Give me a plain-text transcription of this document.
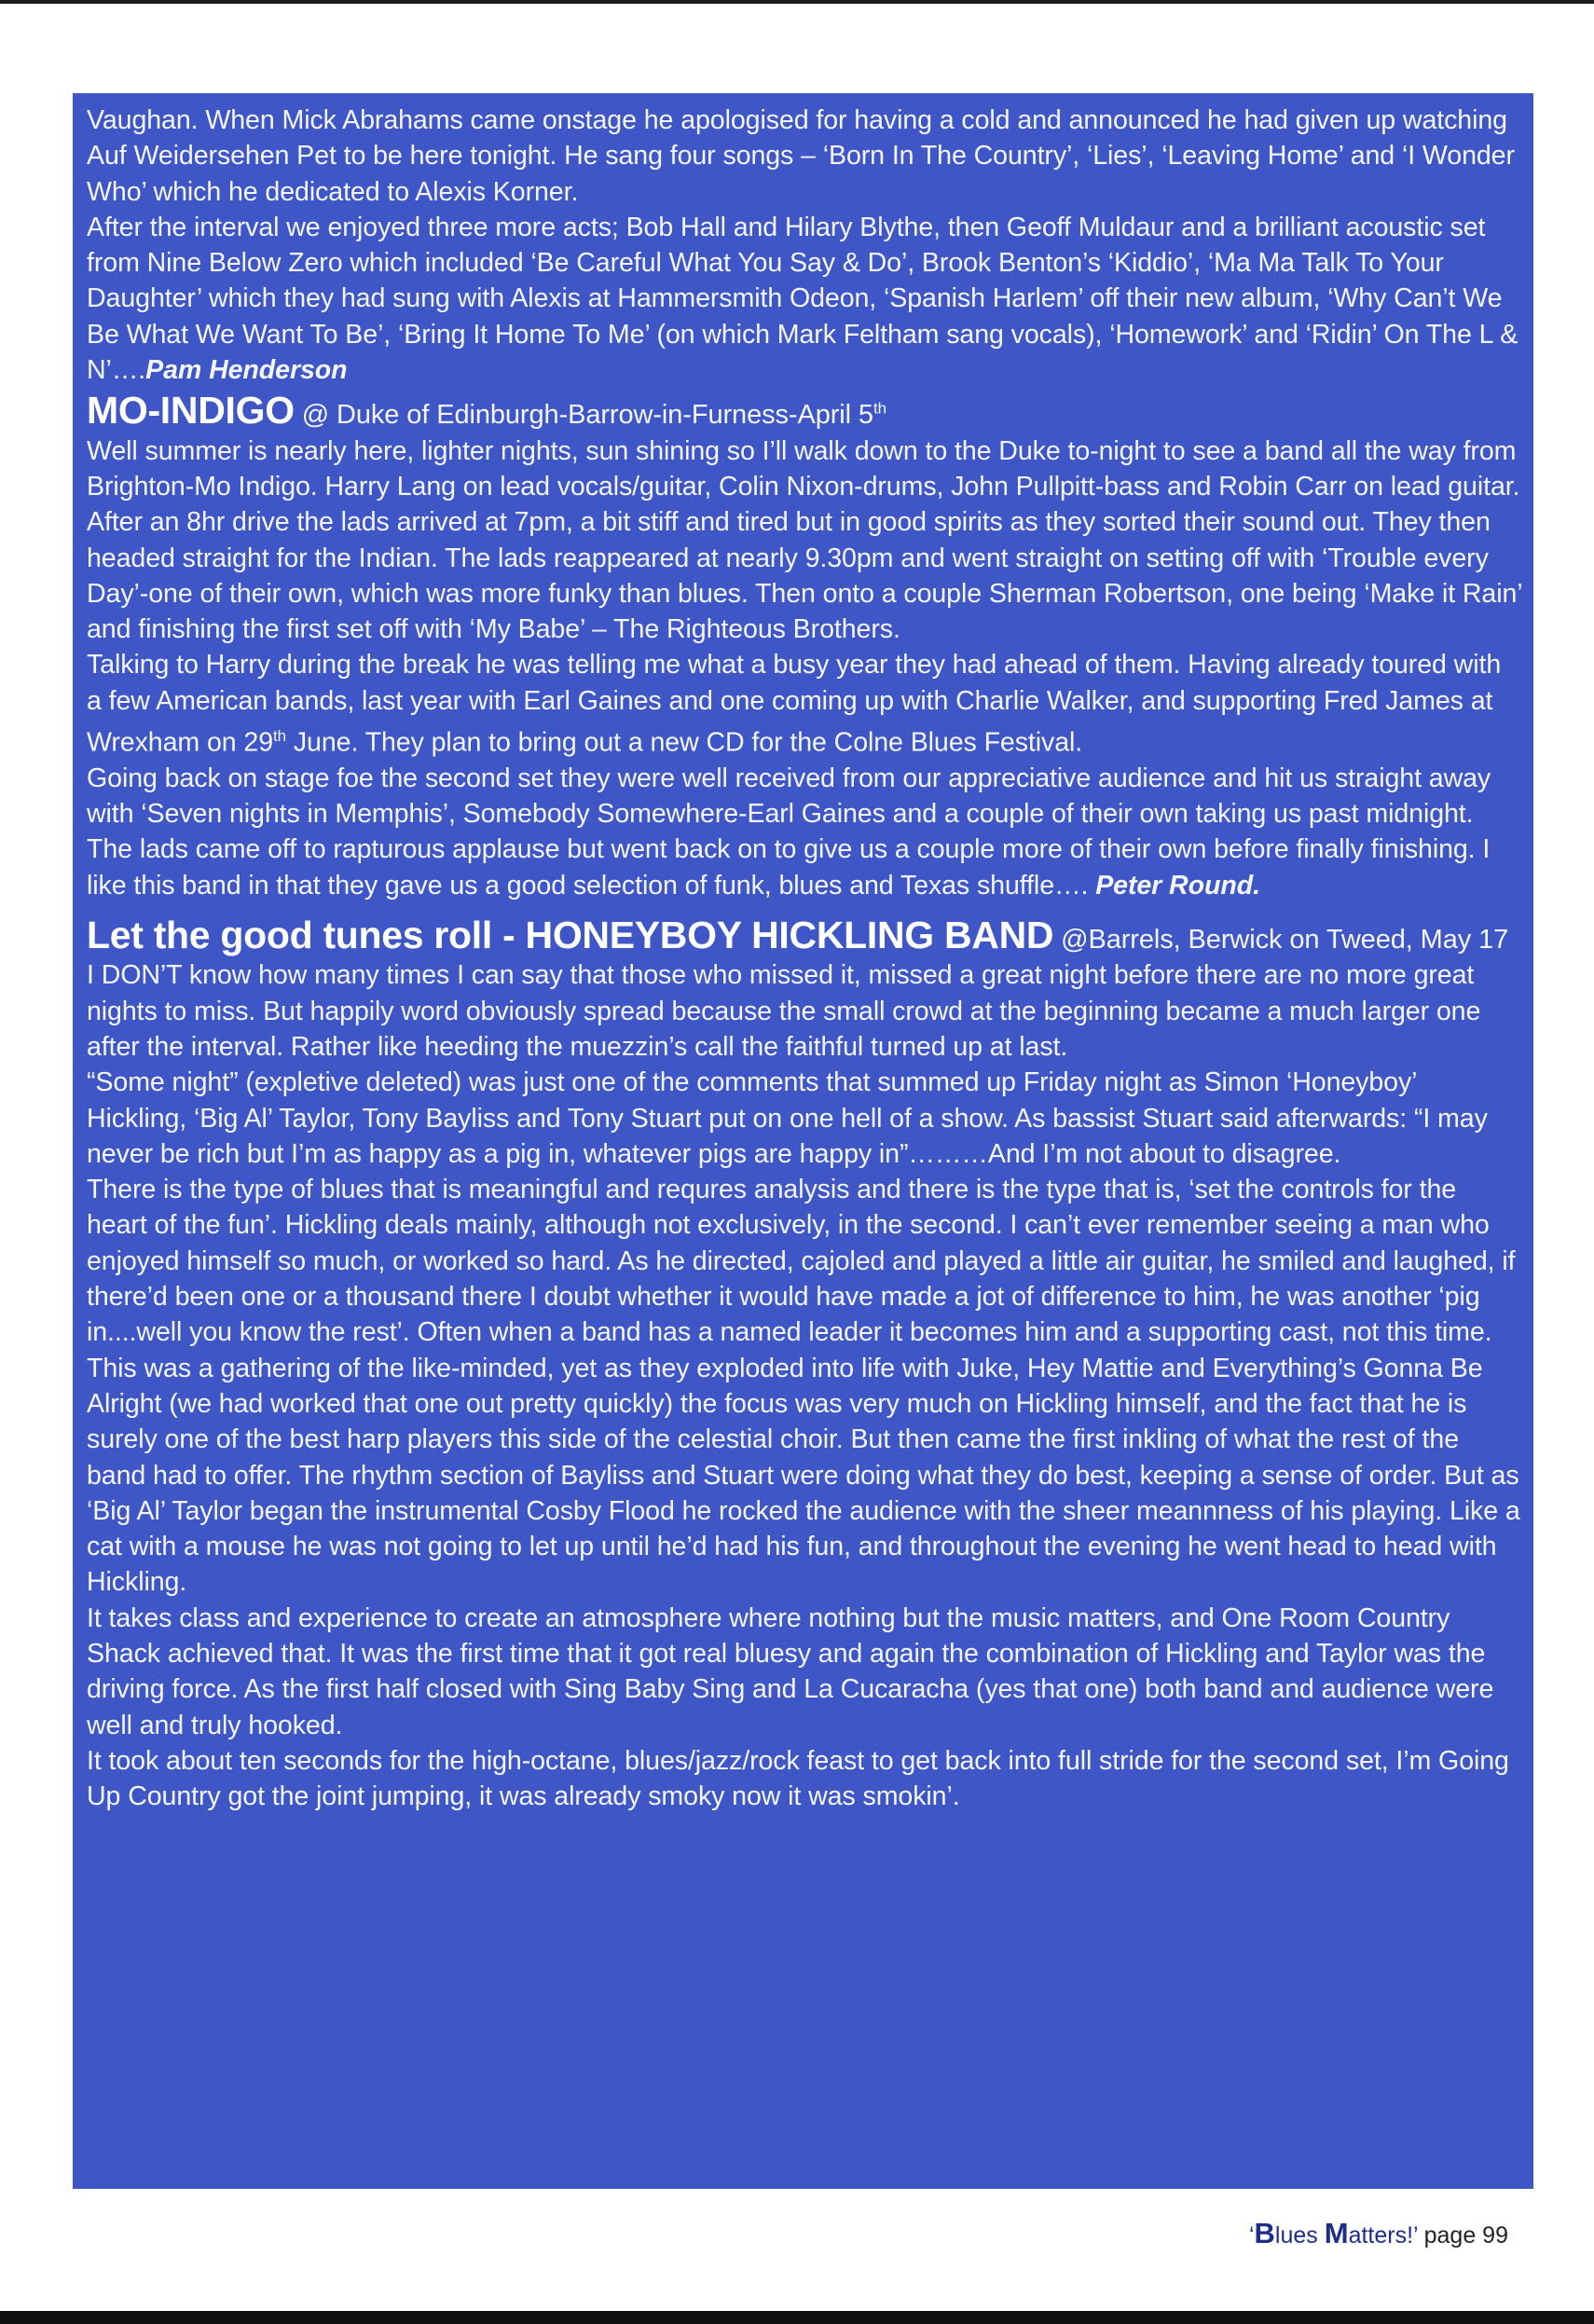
Vaughan. When Mick Abrahams came onstage he apologised for having a cold and announced he had given up watching Auf Weidersehen Pet to be here tonight. He sang four songs – ‘Born In The Country’, ‘Lies’, ‘Leaving Home’ and ‘I Wonder Who’ which he dedicated to Alexis Korner.

After the interval we enjoyed three more acts; Bob Hall and Hilary Blythe, then Geoff Muldaur and a brilliant acoustic set from Nine Below Zero which included ‘Be Careful What You Say & Do’, Brook Benton’s ‘Kiddio’, ‘Ma Ma Talk To Your Daughter’ which they had sung with Alexis at Hammersmith Odeon, ‘Spanish Harlem’ off their new album, ‘Why Can’t We Be What We Want To Be’, ‘Bring It Home To Me’ (on which Mark Feltham sang vocals), ‘Homework’ and ‘Ridin’ On The L & N’….Pam Henderson

MO-INDIGO @ Duke of Edinburgh-Barrow-in-Furness-April 5th

Well summer is nearly here, lighter nights, sun shining so I’ll walk down to the Duke to-night to see a band all the way from Brighton-Mo Indigo. Harry Lang on lead vocals/guitar, Colin Nixon-drums, John Pullpitt-bass and Robin Carr on lead guitar.

After an 8hr drive the lads arrived at 7pm, a bit stiff and tired but in good spirits as they sorted their sound out. They then headed straight for the Indian. The lads reappeared at nearly 9.30pm and went straight on setting off with ‘Trouble every Day’-one of their own, which was more funky than blues. Then onto a couple Sherman Robertson, one being ‘Make it Rain’ and finishing the first set off with ‘My Babe’ – The Righteous Brothers.

Talking to Harry during the break he was telling me what a busy year they had ahead of them. Having already toured with a few American bands, last year with Earl Gaines and one coming up with Charlie Walker, and supporting Fred James at Wrexham on 29th June. They plan to bring out a new CD for the Colne Blues Festival.

Going back on stage foe the second set they were well received from our appreciative audience and hit us straight away with ‘Seven nights in Memphis’, Somebody Somewhere-Earl Gaines and a couple of their own taking us past midnight. The lads came off to rapturous applause but went back on to give us a couple more of their own before finally finishing. I like this band in that they gave us a good selection of funk, blues and Texas shuffle…. Peter Round.

Let the good tunes roll - HONEYBOY HICKLING BAND @Barrels, Berwick on Tweed, May 17

I DON’T know how many times I can say that those who missed it, missed a great night before there are no more great nights to miss. But happily word obviously spread because the small crowd at the beginning became a much larger one after the interval. Rather like heeding the muezzin’s call the faithful turned up at last.

“Some night” (expletive deleted) was just one of the comments that summed up Friday night as Simon ‘Honeyboy’ Hickling, ‘Big Al’ Taylor, Tony Bayliss and Tony Stuart put on one hell of a show. As bassist Stuart said afterwards: “I may never be rich but I’m as happy as a pig in, whatever pigs are happy in”………And I’m not about to disagree.

There is the type of blues that is meaningful and requres analysis and there is the type that is, ‘set the controls for the heart of the fun’. Hickling deals mainly, although not exclusively, in the second. I can’t ever remember seeing a man who enjoyed himself so much, or worked so hard. As he directed, cajoled and played a little air guitar, he smiled and laughed, if there’d been one or a thousand there I doubt whether it would have made a jot of difference to him, he was another ‘pig in....well you know the rest’. Often when a band has a named leader it becomes him and a supporting cast, not this time. This was a gathering of the like-minded, yet as they exploded into life with Juke, Hey Mattie and Everything’s Gonna Be Alright (we had worked that one out pretty quickly) the focus was very much on Hickling himself, and the fact that he is surely one of the best harp players this side of the celestial choir. But then came the first inkling of what the rest of the band had to offer. The rhythm section of Bayliss and Stuart were doing what they do best, keeping a sense of order. But as ‘Big Al’ Taylor began the instrumental Cosby Flood he rocked the audience with the sheer meannness of his playing. Like a cat with a mouse he was not going to let up until he’d had his fun, and throughout the evening he went head to head with Hickling.

It takes class and experience to create an atmosphere where nothing but the music matters, and One Room Country Shack achieved that. It was the first time that it got real bluesy and again the combination of Hickling and Taylor was the driving force. As the first half closed with Sing Baby Sing and La Cucaracha (yes that one) both band and audience were well and truly hooked.

It took about ten seconds for the high-octane, blues/jazz/rock feast to get back into full stride for the second set, I’m Going Up Country got the joint jumping, it was already smoky now it was smokin’.

‘Blues Matters!’ page 99
